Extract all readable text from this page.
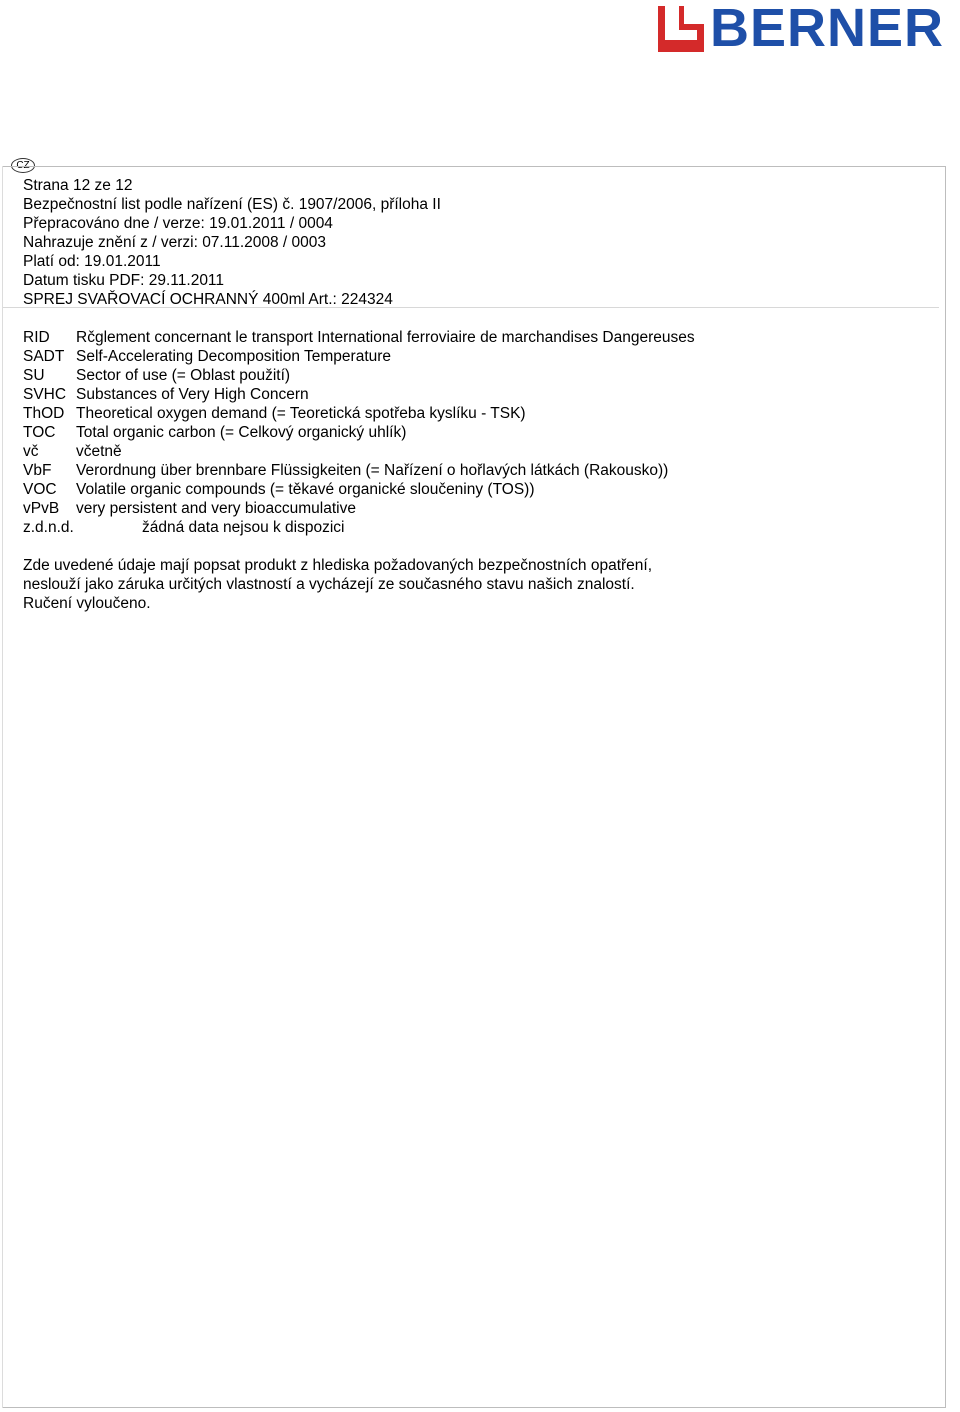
BERNER
CZ
Strana 12 ze 12
Bezpečnostní list podle nařízení (ES) č. 1907/2006, příloha II
Přepracováno dne / verze: 19.01.2011 / 0004
Nahrazuje znění z / verzi: 07.11.2008 / 0003
Platí od: 19.01.2011
Datum tisku PDF: 29.11.2011
SPREJ SVAŘOVACÍ OCHRANNÝ 400ml Art.: 224324
RID Rčglement concernant le transport International ferroviaire de marchandises Dangereuses
SADT Self-Accelerating Decomposition Temperature
SU Sector of use (= Oblast použití)
SVHC Substances of Very High Concern
ThOD Theoretical oxygen demand (= Teoretická spotřeba kyslíku - TSK)
TOC Total organic carbon (= Celkový organický uhlík)
vč včetně
VbF Verordnung über brennbare Flüssigkeiten (= Nařízení o hořlavých látkách (Rakousko))
VOC Volatile organic compounds (= těkavé organické sloučeniny (TOS))
vPvB very persistent and very bioaccumulative
z.d.n.d.	žádná data nejsou k dispozici
Zde uvedené údaje mají popsat produkt z hlediska požadovaných bezpečnostních opatření,
neslouží jako záruka určitých vlastností a vycházejí ze současného stavu našich znalostí.
Ručení vyloučeno.
